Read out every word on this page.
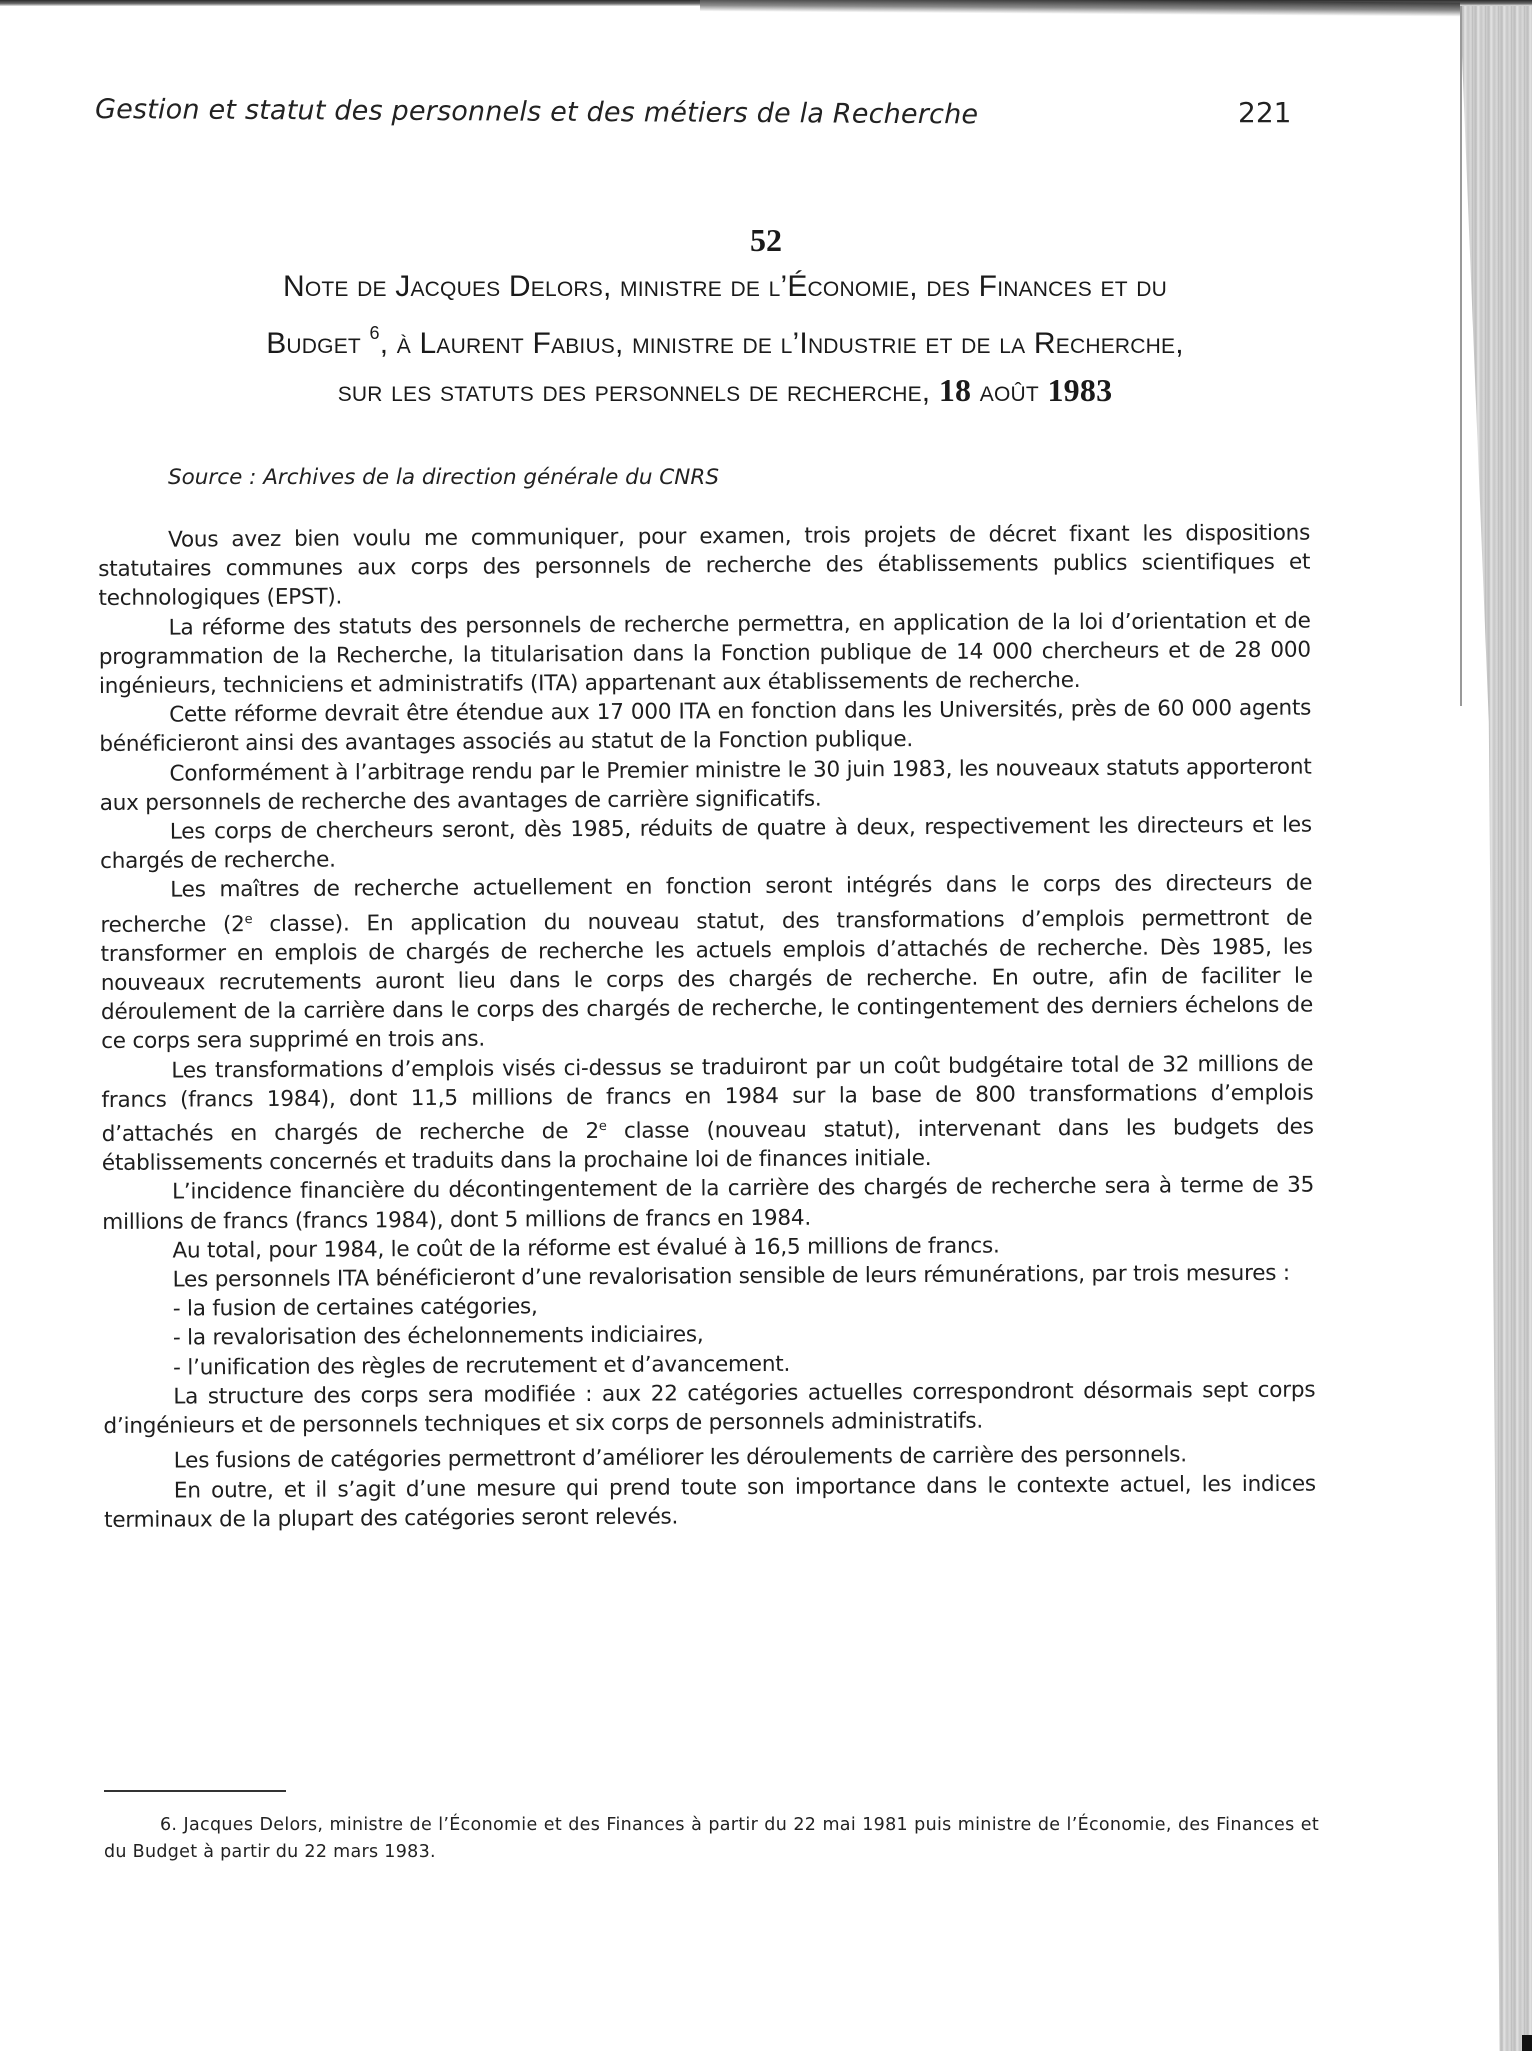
Gestion et statut des personnels et des métiers de la Recherche	221
52
Note de Jacques Delors, ministre de l’Économie, des Finances et du
Budget $^6$, à Laurent Fabius, ministre de l’Industrie et de la Recherche,
sur les statuts des personnels de recherche, 18 août 1983
Source : Archives de la direction générale du CNRS

Vous avez bien voulu me communiquer, pour examen, trois projets de décret fixant les dispositions statutaires communes aux corps des personnels de recherche des établissements publics scientifiques et technologiques (EPST).

La réforme des statuts des personnels de recherche permettra, en application de la loi d’orientation et de programmation de la Recherche, la titularisation dans la Fonction publique de 14 000 chercheurs et de 28 000 ingénieurs, techniciens et administratifs (ITA) appartenant aux établissements de recherche.

Cette réforme devrait être étendue aux 17 000 ITA en fonction dans les Universités, près de 60 000 agents bénéficieront ainsi des avantages associés au statut de la Fonction publique.

Conformément à l’arbitrage rendu par le Premier ministre le 30 juin 1983, les nouveaux statuts apporteront aux personnels de recherche des avantages de carrière significatifs.

Les corps de chercheurs seront, dès 1985, réduits de quatre à deux, respectivement les directeurs et les chargés de recherche.

Les maîtres de recherche actuellement en fonction seront intégrés dans le corps des directeurs de recherche (2e classe). En application du nouveau statut, des transformations d’emplois permettront de transformer en emplois de chargés de recherche les actuels emplois d’attachés de recherche. Dès 1985, les nouveaux recrutements auront lieu dans le corps des chargés de recherche. En outre, afin de faciliter le déroulement de la carrière dans le corps des chargés de recherche, le contingentement des derniers échelons de ce corps sera supprimé en trois ans.

Les transformations d’emplois visés ci-dessus se traduiront par un coût budgétaire total de 32 millions de francs (francs 1984), dont 11,5 millions de francs en 1984 sur la base de 800 transformations d’emplois d’attachés en chargés de recherche de 2e classe (nouveau statut), intervenant dans les budgets des établissements concernés et traduits dans la prochaine loi de finances initiale.

L’incidence financière du décontingentement de la carrière des chargés de recherche sera à terme de 35 millions de francs (francs 1984), dont 5 millions de francs en 1984.

Au total, pour 1984, le coût de la réforme est évalué à 16,5 millions de francs.

Les personnels ITA bénéficieront d’une revalorisation sensible de leurs rémunérations, par trois mesures :

- la fusion de certaines catégories,
- la revalorisation des échelonnements indiciaires,
- l’unification des règles de recrutement et d’avancement.

La structure des corps sera modifiée : aux 22 catégories actuelles correspondront désormais sept corps d’ingénieurs et de personnels techniques et six corps de personnels administratifs.

Les fusions de catégories permettront d’améliorer les déroulements de carrière des personnels.

En outre, et il s’agit d’une mesure qui prend toute son importance dans le contexte actuel, les indices terminaux de la plupart des catégories seront relevés.

6. Jacques Delors, ministre de l’Économie et des Finances à partir du 22 mai 1981 puis ministre de l’Économie, des Finances et du Budget à partir du 22 mars 1983.
